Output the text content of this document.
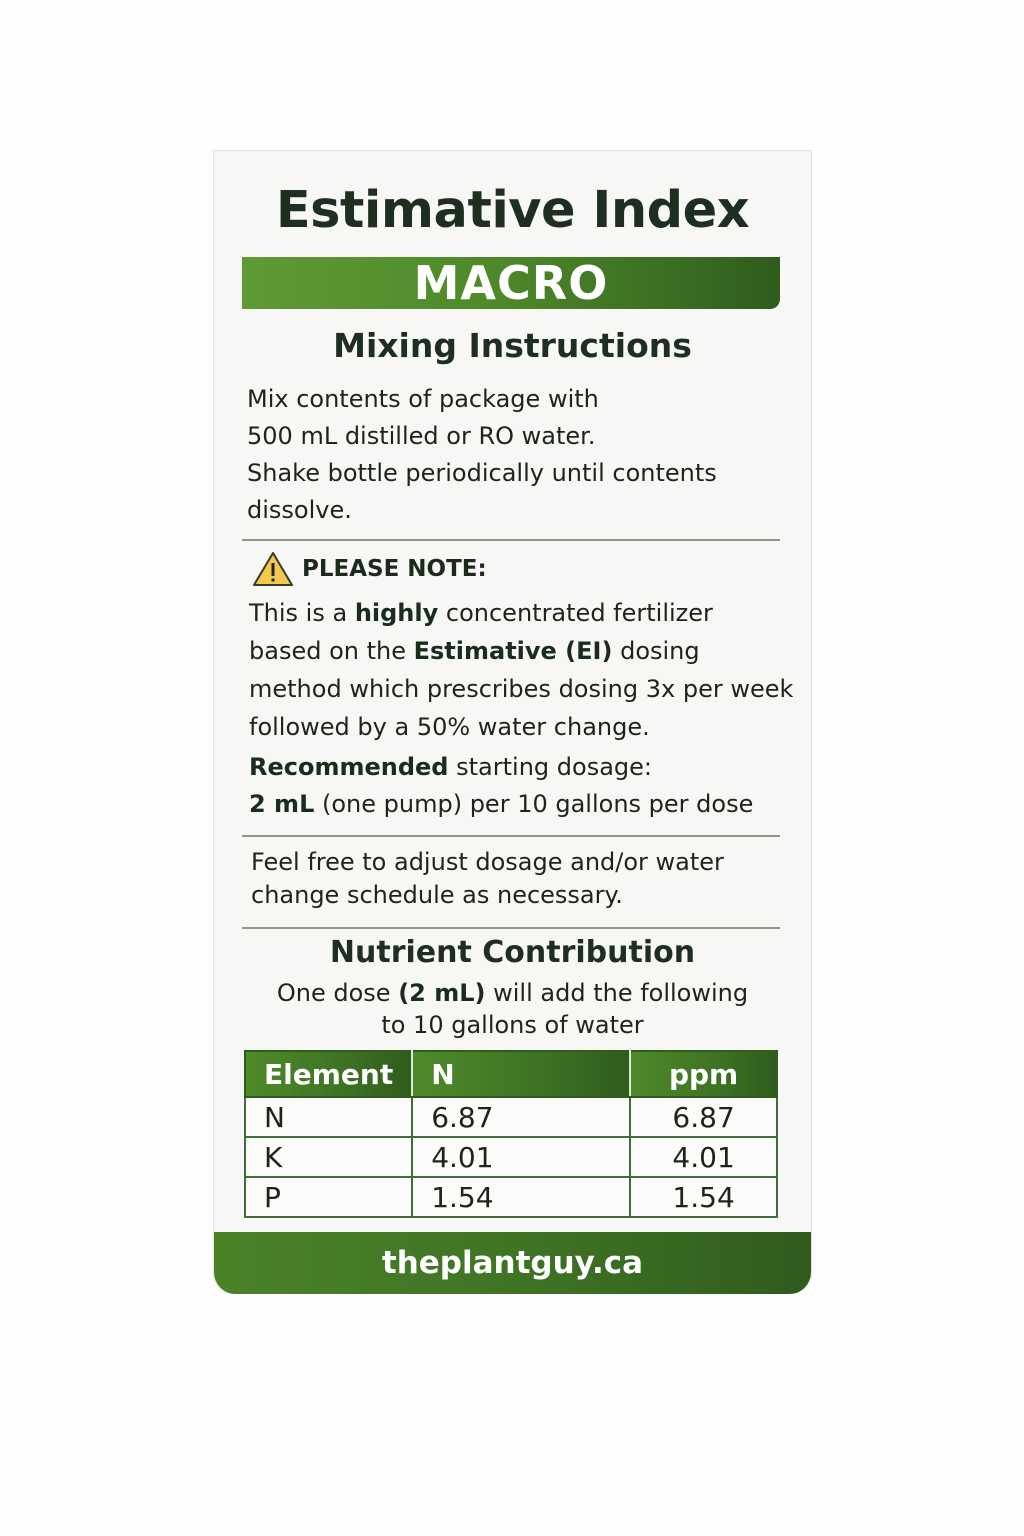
Estimative Index
MACRO
Mixing Instructions
Mix contents of package with
500 mL distilled or RO water.
Shake bottle periodically until contents
dissolve.
PLEASE NOTE:
This is a highly concentrated fertilizer
based on the Estimative (EI) dosing
method which prescribes dosing 3x per week
followed by a 50% water change.
Recommended starting dosage:
2 mL (one pump) per 10 gallons per dose
Feel free to adjust dosage and/or water
change schedule as necessary.
Nutrient Contribution
One dose (2 mL) will add the following
to 10 gallons of water
Element	N	ppm
N	6.87	6.87
K	4.01	4.01
P	1.54	1.54
theplantguy.ca
